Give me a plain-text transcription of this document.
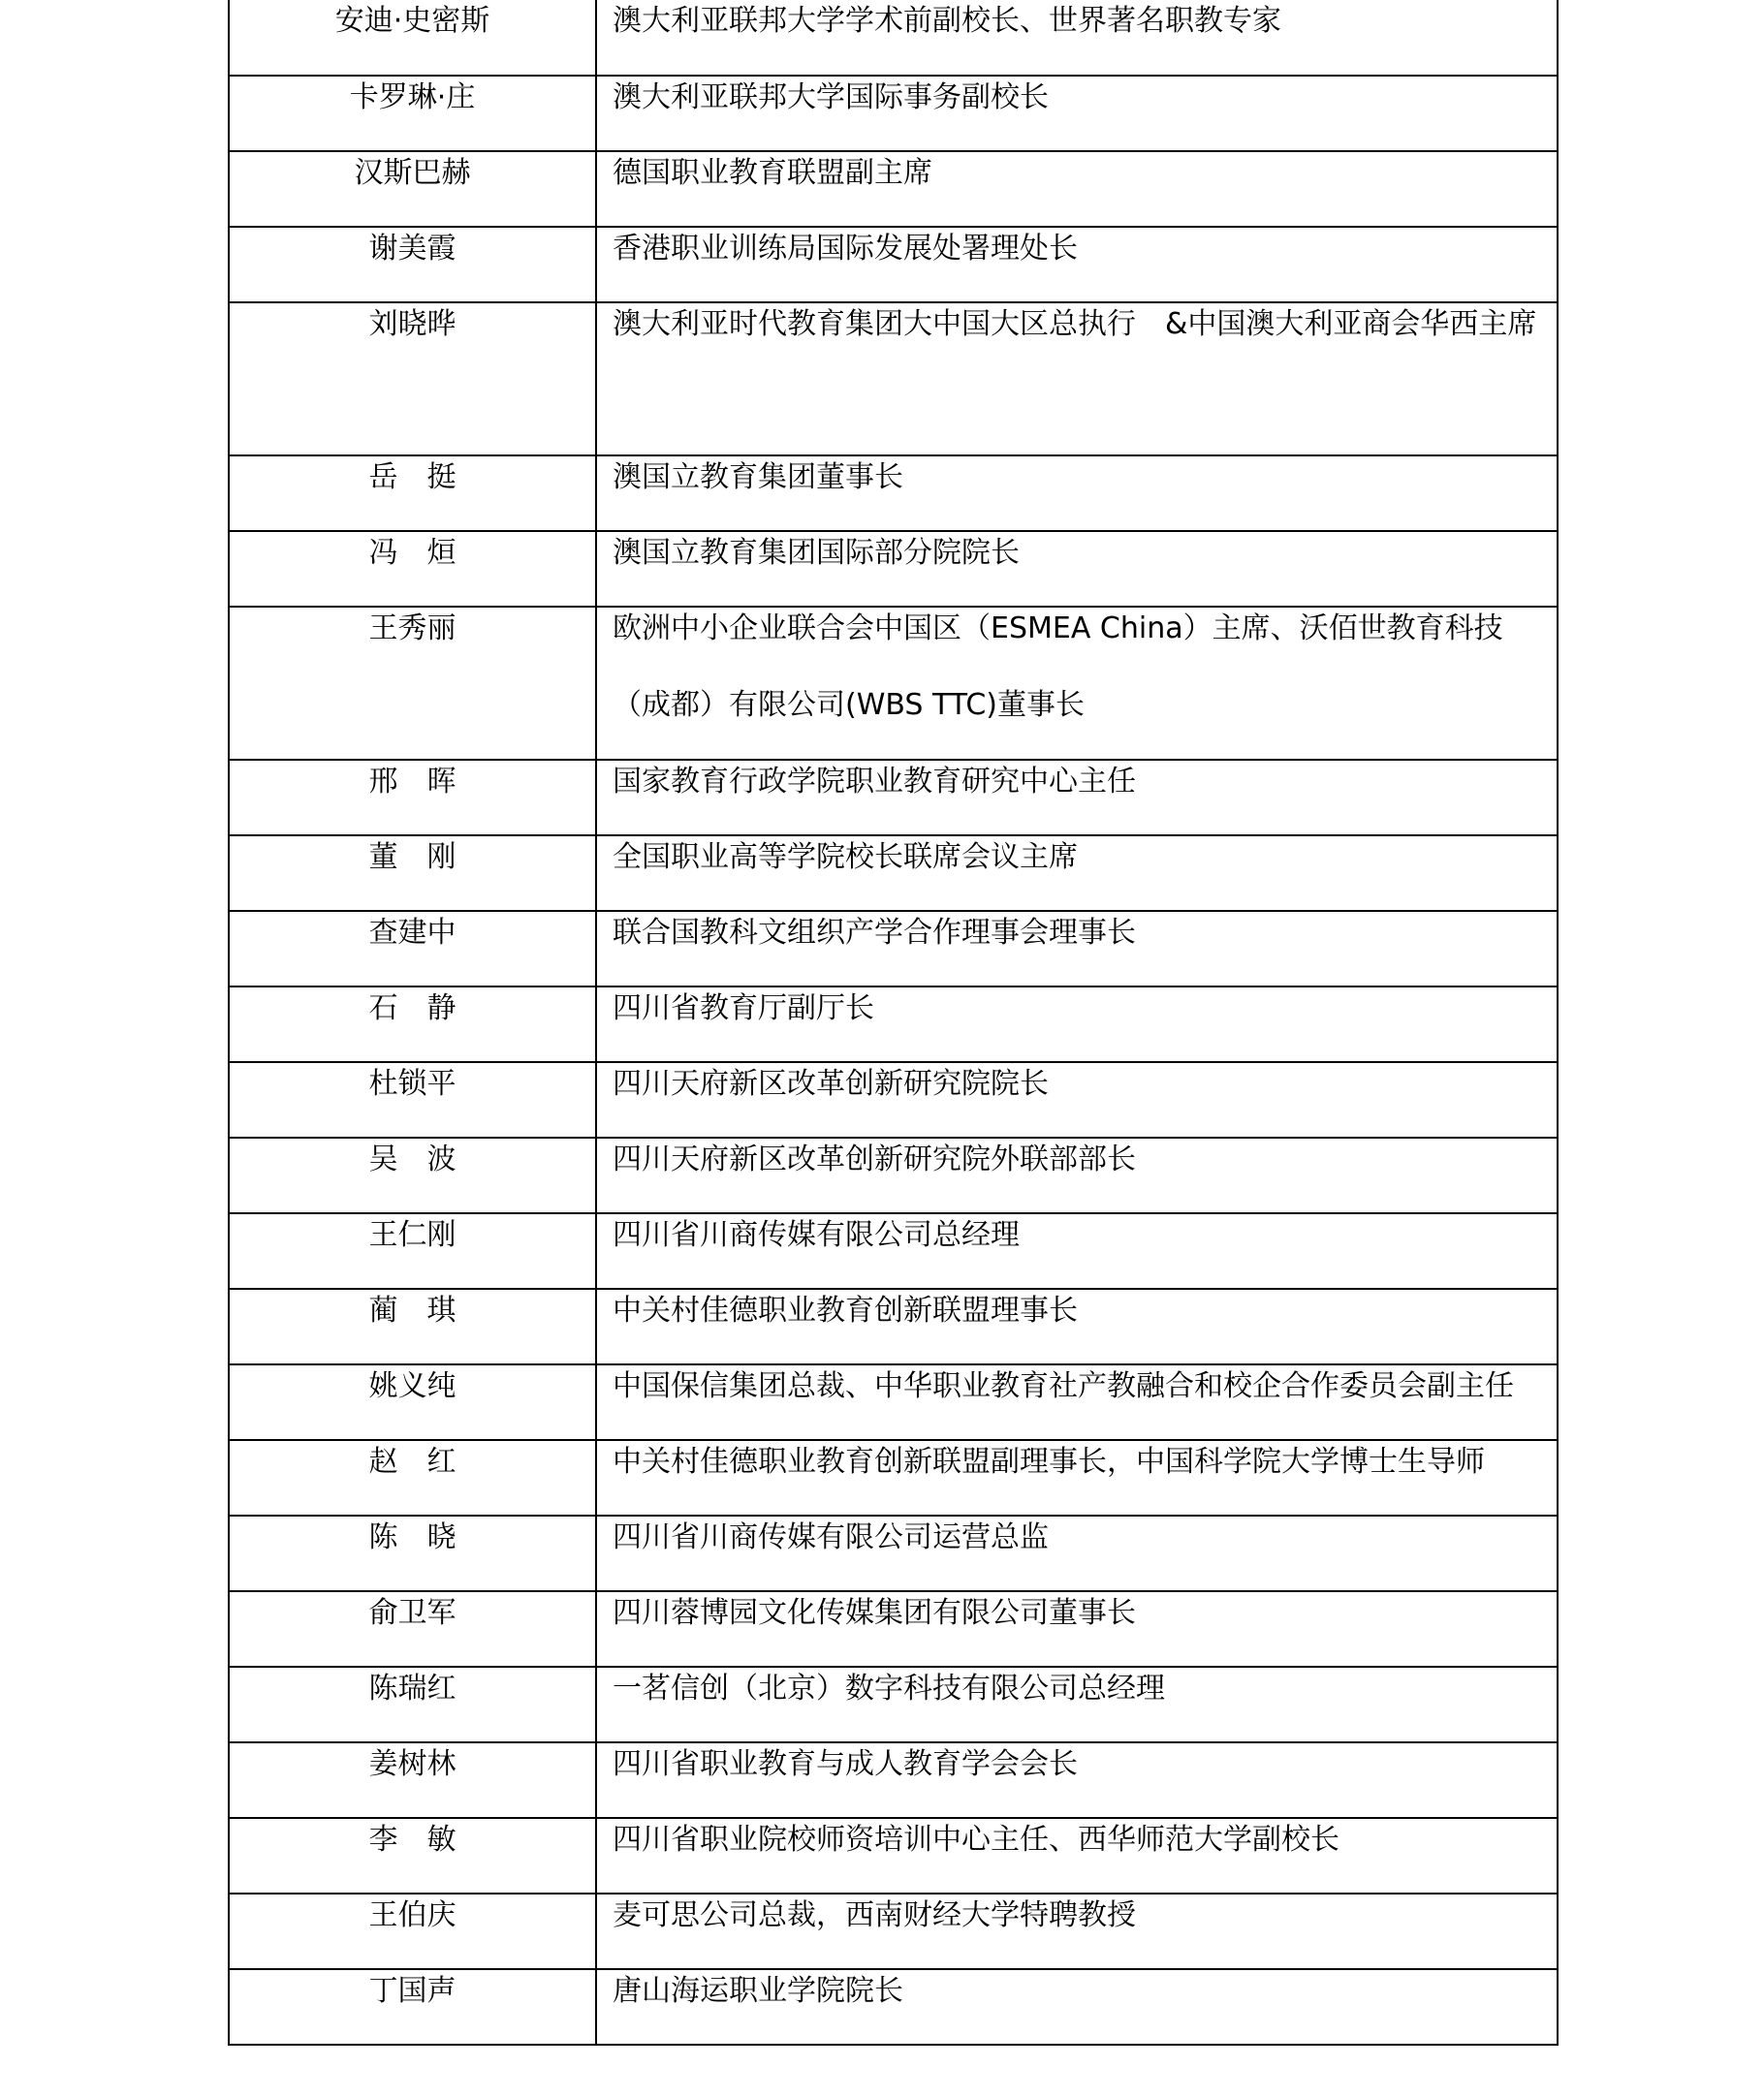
安迪·史密斯	澳大利亚联邦大学学术前副校长、世界著名职教专家

卡罗琳·庄	澳大利亚联邦大学国际事务副校长

汉斯巴赫	德国职业教育联盟副主席

谢美霞	香港职业训练局国际发展处署理处长

刘晓晔	澳大利亚时代教育集团大中国大区总执行　&中国澳大利亚商会华西主席

岳　挺	澳国立教育集团董事长

冯　烜	澳国立教育集团国际部分院院长

王秀丽	欧洲中小企业联合会中国区（ESMEA China）主席、沃佰世教育科技（成都）有限公司(WBS TTC)董事长

邢　晖	国家教育行政学院职业教育研究中心主任

董　刚	全国职业高等学院校长联席会议主席

查建中	联合国教科文组织产学合作理事会理事长

石　静	四川省教育厅副厅长

杜锁平	四川天府新区改革创新研究院院长

吴　波	四川天府新区改革创新研究院外联部部长

王仁刚	四川省川商传媒有限公司总经理

蔺　琪	中关村佳德职业教育创新联盟理事长

姚义纯	中国保信集团总裁、中华职业教育社产教融合和校企合作委员会副主任

赵　红	中关村佳德职业教育创新联盟副理事长，中国科学院大学博士生导师

陈　晓	四川省川商传媒有限公司运营总监

俞卫军	四川蓉博园文化传媒集团有限公司董事长

陈瑞红	一茗信创（北京）数字科技有限公司总经理

姜树林	四川省职业教育与成人教育学会会长

李　敏	四川省职业院校师资培训中心主任、西华师范大学副校长

王伯庆	麦可思公司总裁，西南财经大学特聘教授

丁国声	唐山海运职业学院院长
